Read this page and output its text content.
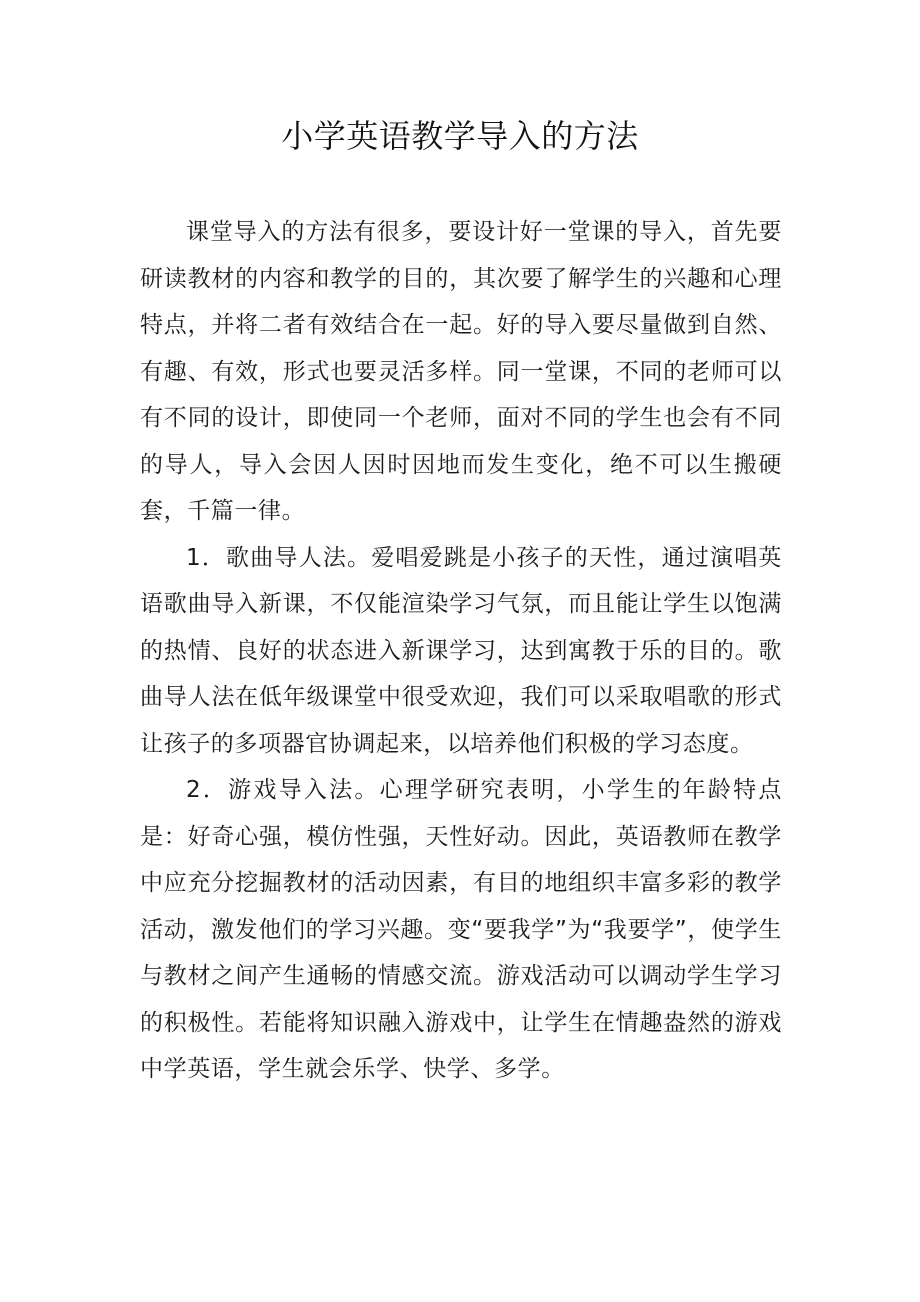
小学英语教学导入的方法

课堂导入的方法有很多，要设计好一堂课的导入，首先要研读教材的内容和教学的目的，其次要了解学生的兴趣和心理特点，并将二者有效结合在一起。好的导入要尽量做到自然、有趣、有效，形式也要灵活多样。同一堂课，不同的老师可以有不同的设计，即使同一个老师，面对不同的学生也会有不同的导人，导入会因人因时因地而发生变化，绝不可以生搬硬套，千篇一律。

1．歌曲导人法。爱唱爱跳是小孩子的天性，通过演唱英语歌曲导入新课，不仅能渲染学习气氛，而且能让学生以饱满的热情、良好的状态进入新课学习，达到寓教于乐的目的。歌曲导人法在低年级课堂中很受欢迎，我们可以采取唱歌的形式让孩子的多项器官协调起来，以培养他们积极的学习态度。

2．游戏导入法。心理学研究表明，小学生的年龄特点是：好奇心强，模仿性强，天性好动。因此，英语教师在教学中应充分挖掘教材的活动因素，有目的地组织丰富多彩的教学活动，激发他们的学习兴趣。变“要我学”为“我要学”，使学生与教材之间产生通畅的情感交流。游戏活动可以调动学生学习的积极性。若能将知识融入游戏中，让学生在情趣盎然的游戏中学英语，学生就会乐学、快学、多学。
